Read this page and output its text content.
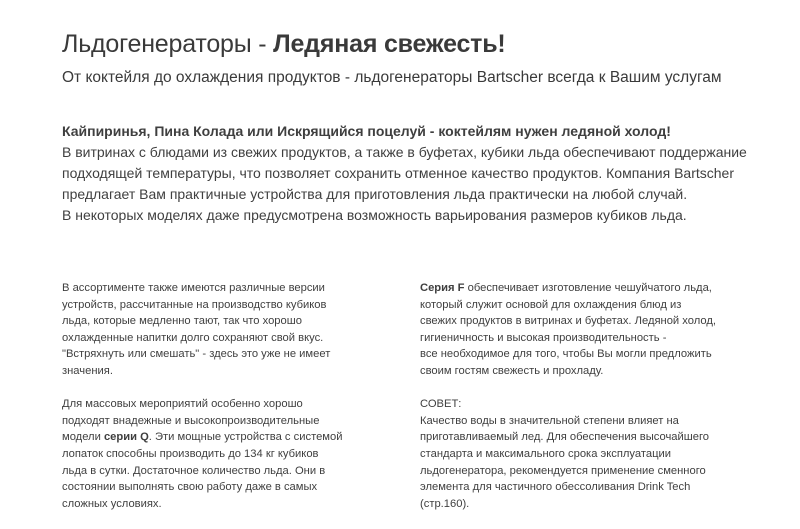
Льдогенераторы - Ледяная свежесть!
От коктейля до охлаждения продуктов - льдогенераторы Bartscher всегда к Вашим услугам
Кайпиринья, Пина Колада или Искрящийся поцелуй - коктейлям нужен ледяной холод!

В витринах с блюдами из свежих продуктов, а также в буфетах, кубики льда обеспечивают поддержание
подходящей температуры, что позволяет сохранить отменное качество продуктов. Компания Bartscher
предлагает Вам практичные устройства для приготовления льда практически на любой случай.
В некоторых моделях даже предусмотрена возможность варьирования размеров кубиков льда.

В ассортименте также имеются различные версии
устройств, рассчитанные на производство кубиков
льда, которые медленно тают, так что хорошо
охлажденные напитки долго сохраняют свой вкус.
"Встряхнуть или смешать" - здесь это уже не имеет
значения.

Для массовых мероприятий особенно хорошо
подходят внадежные и высокопроизводительные
модели серии Q. Эти мощные устройства с системой
лопаток способны производить до 134 кг кубиков
льда в сутки. Достаточное количество льда. Они в
состоянии выполнять свою работу даже в самых
сложных условиях.

Серия F обеспечивает изготовление чешуйчатого льда,
который служит основой для охлаждения блюд из
свежих продуктов в витринах и буфетах. Ледяной холод,
гигиеничность и высокая производительность -
все необходимое для того, чтобы Вы могли предложить
своим гостям свежесть и прохладу.

СОВЕТ:
Качество воды в значительной степени влияет на
приготавливаемый лед. Для обеспечения высочайшего
стандарта и максимального срока эксплуатации
льдогенератора, рекомендуется применение сменного
элемента для частичного обессоливания Drink Tech
(стр.160).
